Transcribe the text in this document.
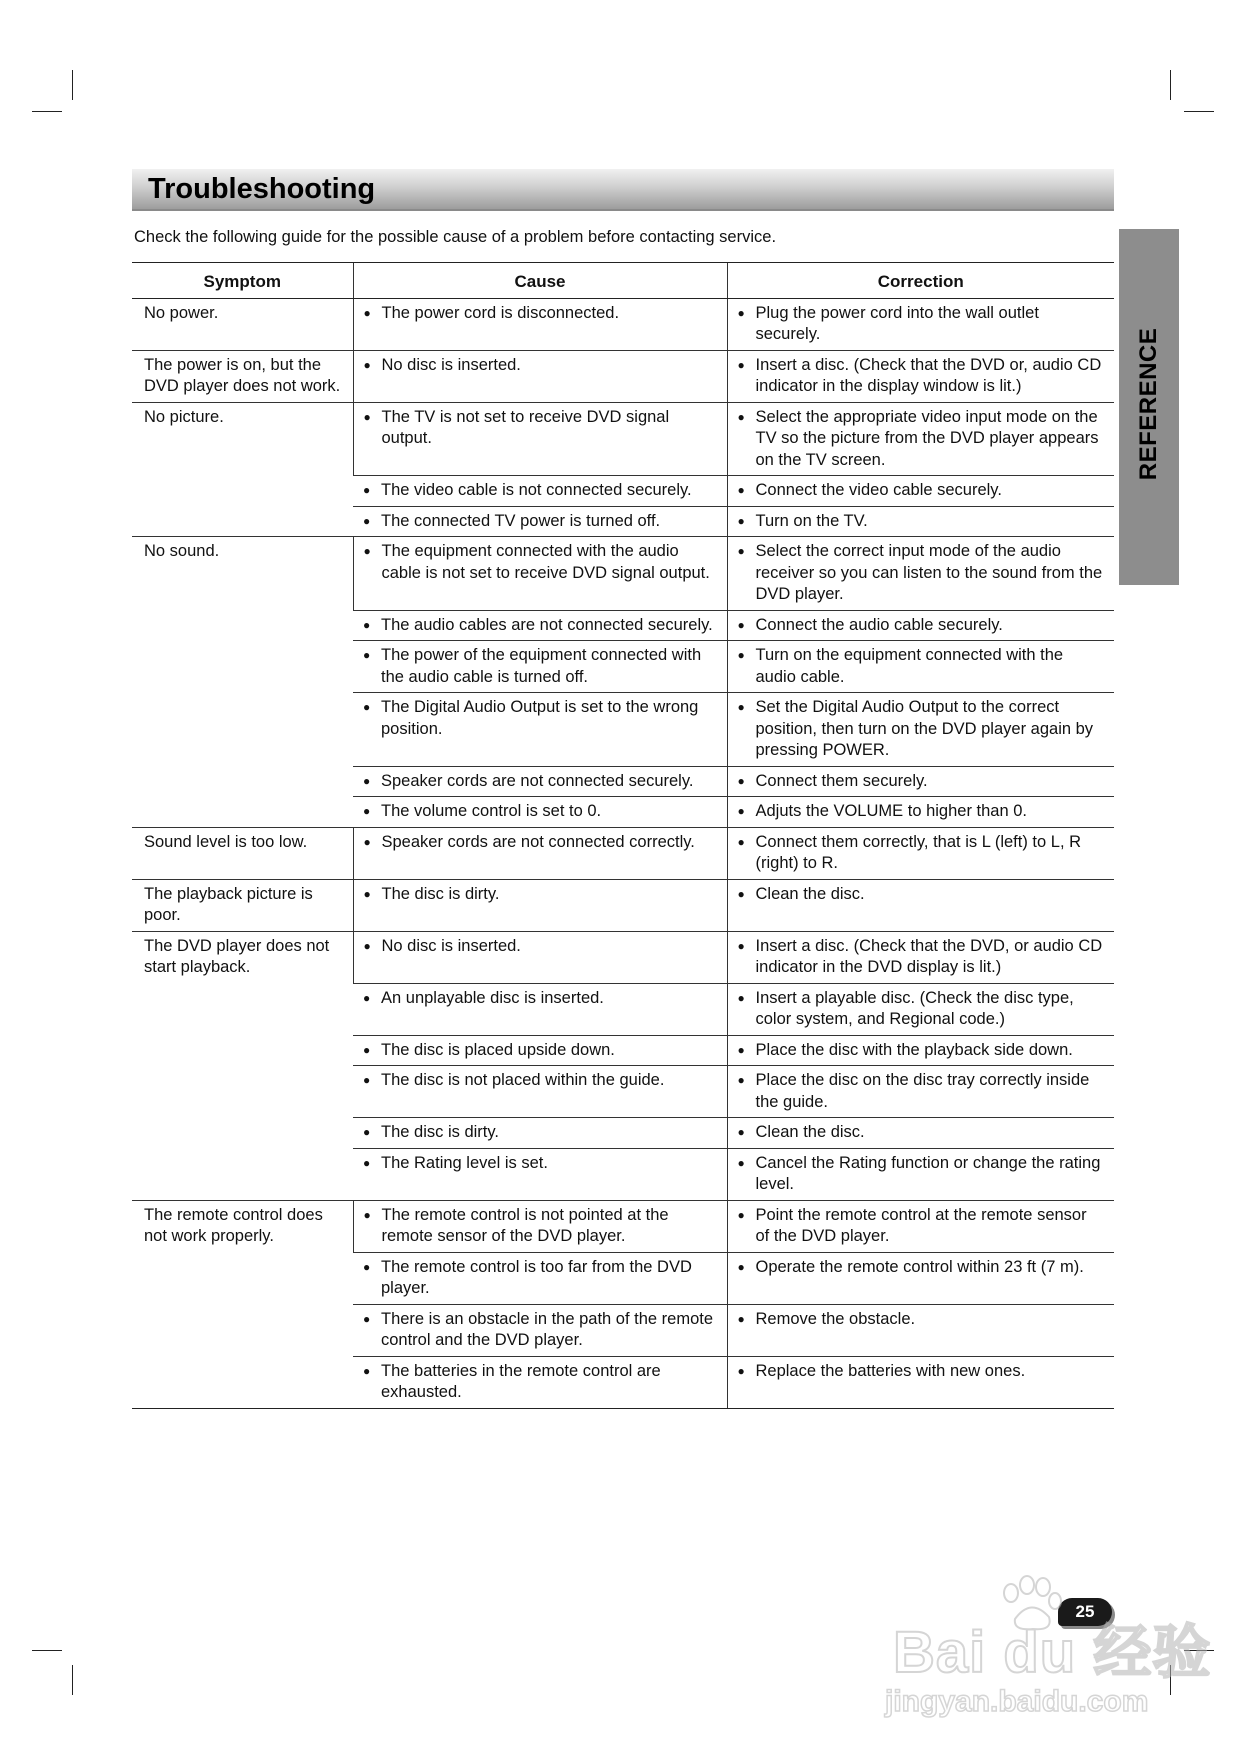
Troubleshooting
Check the following guide for the possible cause of a problem before contacting service.
REFERENCE
Symptom	Cause	Correction
No power.	● The power cord is disconnected.	● Plug the power cord into the wall outlet securely.

The power is on, but the DVD player does not work.	● No disc is inserted.	● Insert a disc. (Check that the DVD or, audio CD indicator in the display window is lit.)

No picture.	● The TV is not set to receive DVD signal output.	● Select the appropriate video input mode on the TV so the picture from the DVD player appears on the TV screen.

	● The video cable is not connected securely.	● Connect the video cable securely.

	● The connected TV power is turned off.	● Turn on the TV.

No sound.	● The equipment connected with the audio cable is not set to receive DVD signal output.	● Select the correct input mode of the audio receiver so you can listen to the sound from the DVD player.

	● The audio cables are not connected securely.	● Connect the audio cable securely.

	● The power of the equipment connected with the audio cable is turned off.	● Turn on the equipment connected with the audio cable.

	● The Digital Audio Output is set to the wrong position.	● Set the Digital Audio Output to the correct position, then turn on the DVD player again by pressing POWER.

	● Speaker cords are not connected securely.	● Connect them securely.

	● The volume control is set to 0.	● Adjuts the VOLUME to higher than 0.

Sound level is too low.	● Speaker cords are not connected correctly.	● Connect them correctly, that is L (left) to L, R (right) to R.

The playback picture is poor.	● The disc is dirty.	● Clean the disc.

The DVD player does not start playback.	● No disc is inserted.	● Insert a disc. (Check that the DVD, or audio CD indicator in the DVD display is lit.)

	● An unplayable disc is inserted.	● Insert a playable disc. (Check the disc type, color system, and Regional code.)

	● The disc is placed upside down.	● Place the disc with the playback side down.

	● The disc is not placed within the guide.	● Place the disc on the disc tray correctly inside the guide.

	● The disc is dirty.	● Clean the disc.

	● The Rating level is set.	● Cancel the Rating function or change the rating level.

The remote control does not work properly.	● The remote control is not pointed at the remote sensor of the DVD player.	● Point the remote control at the remote sensor of the DVD player.

	● The remote control is too far from the DVD player.	● Operate the remote control within 23 ft (7 m).

	● There is an obstacle in the path of the remote control and the DVD player.	● Remove the obstacle.

	● The batteries in the remote control are exhausted.	● Replace the batteries with new ones.
25
Bai du 经验
jingyan.baidu.com
